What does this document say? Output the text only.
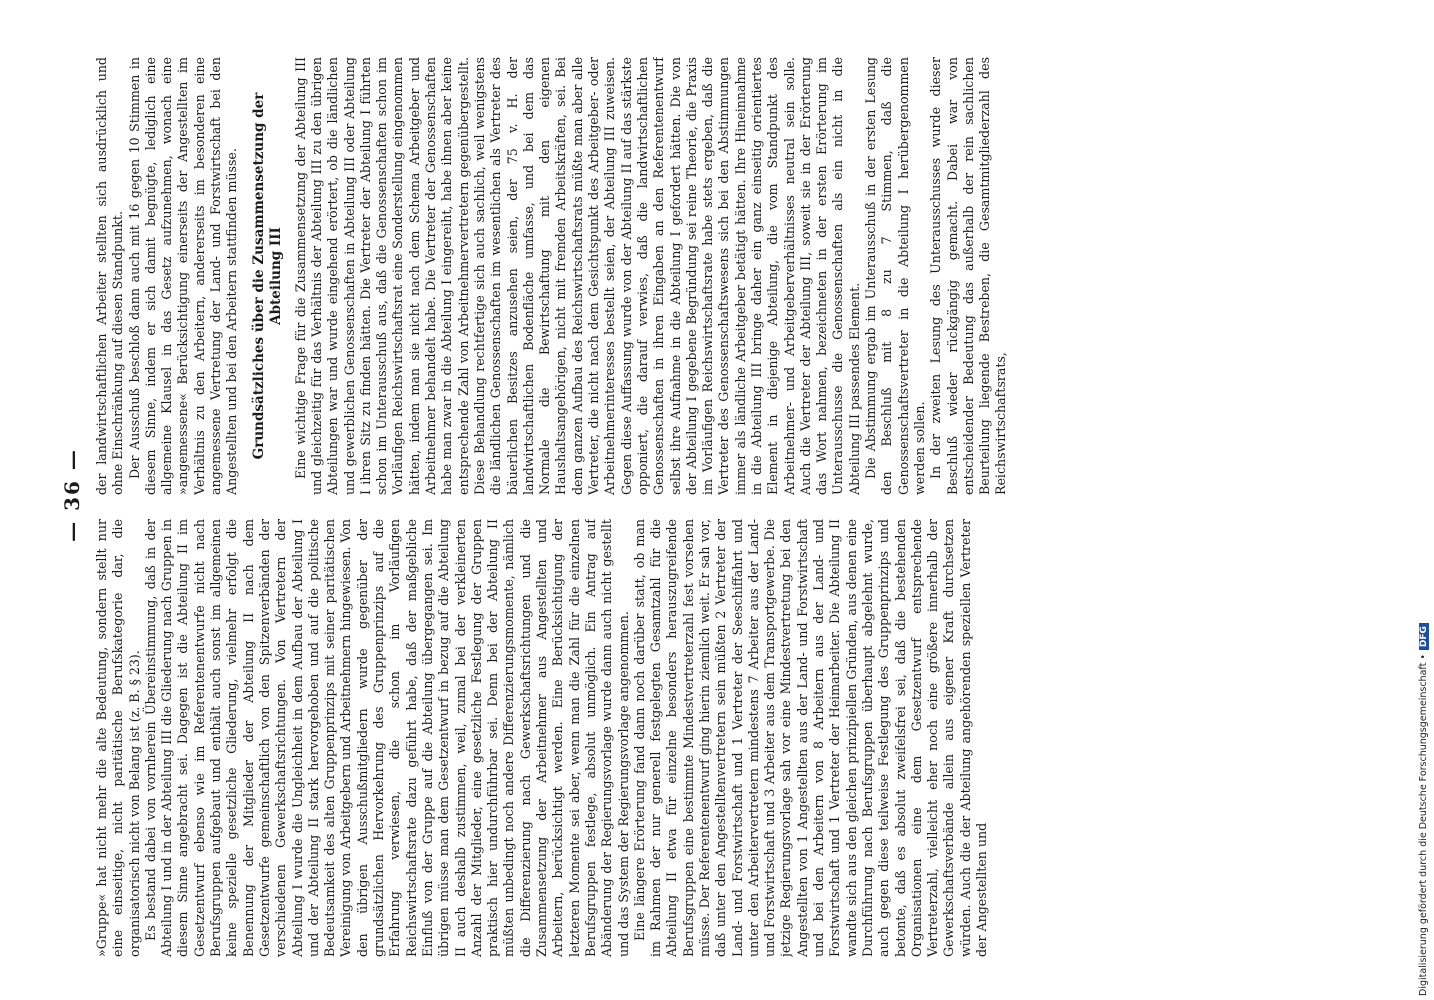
— 36 —

»Gruppe« hat nicht mehr die alte Bedeutung, sondern stellt nur eine einseitige, nicht paritätische Berufskategorie dar, die organisatorisch nicht von Belang ist (z. B. § 23). Es bestand dabei von vornherein Übereinstimmung, daß in der Abteilung I und in der Abteilung III die Gliederung nach Gruppen in diesem Sinne angebracht sei. Dagegen ist die Abteilung II im Gesetzentwurf ebenso wie im Referentenentwurfe nicht nach Berufsgruppen aufgebaut und enthält auch sonst im allgemeinen keine spezielle gesetzliche Gliederung, vielmehr erfolgt die Benennung der Mitglieder der Abteilung II nach dem Gesetzentwurfe gemeinschaftlich von den Spitzenverbänden der verschiedenen Gewerkschaftsrichtungen. Von Vertretern der Abteilung I wurde die Ungleichheit in dem Aufbau der Abteilung I und der Abteilung II stark hervorgehoben und auf die politische Bedeutsamkeit des alten Gruppenprinzips mit seiner paritätischen Vereinigung von Arbeitgebern und Arbeitnehmern hingewiesen. Von den übrigen Ausschußmitgliedern wurde gegenüber der grundsätzlichen Hervorkehrung des Gruppenprinzips auf die Erfahrung verwiesen, die schon im Vorläufigen Reichswirtschaftsrate dazu geführt habe, daß der maßgebliche Einfluß von der Gruppe auf die Abteilung übergegangen sei. Im übrigen müsse man dem Gesetzentwurf in bezug auf die Abteilung II auch deshalb zustimmen, weil, zumal bei der verkleinerten Anzahl der Mitglieder, eine gesetzliche Festlegung der Gruppen praktisch hier undurchführbar sei. Denn bei der Abteilung II müßten unbedingt noch andere Differenzierungsmomente, nämlich die Differenzierung nach Gewerkschaftsrichtungen und die Zusammensetzung der Arbeitnehmer aus Angestellten und Arbeitern, berücksichtigt werden. Eine Berücksichtigung der letzteren Momente sei aber, wenn man die Zahl für die einzelnen Berufsgruppen festlege, absolut unmöglich. Ein Antrag auf Abänderung der Regierungsvorlage wurde dann auch nicht gestellt und das System der Regierungsvorlage angenommen. Eine längere Erörterung fand dann noch darüber statt, ob man im Rahmen der nur generell festgelegten Gesamtzahl für die Abteilung II etwa für einzelne besonders herauszugreifende Berufsgruppen eine bestimmte Mindestvertreterzahl fest vorsehen müsse. Der Referentenentwurf ging hierin ziemlich weit. Er sah vor, daß unter den Angestelltenvertretern sein müßten 2 Vertreter der Land- und Forstwirtschaft und 1 Vertreter der Seeschiffahrt und unter den Arbeitervertretern mindestens 7 Arbeiter aus der Land- und Forstwirtschaft und 3 Arbeiter aus dem Transportgewerbe. Die jetzige Regierungsvorlage sah vor eine Mindestvertretung bei den Angestellten von 1 Angestellten aus der Land- und Forstwirtschaft und bei den Arbeitern von 8 Arbeitern aus der Land- und Forstwirtschaft und 1 Vertreter der Heimarbeiter. Die Abteilung II wandte sich aus den gleichen prinzipiellen Gründen, aus denen eine Durchführung nach Berufsgruppen überhaupt abgelehnt wurde, auch gegen diese teilweise Festlegung des Gruppenprinzips und betonte, daß es absolut zweifelsfrei sei, daß die bestehenden Organisationen eine dem Gesetzentwurf entsprechende Vertreterzahl, vielleicht eher noch eine größere innerhalb der Gewerkschaftsverbände allein aus eigener Kraft durchsetzen würden. Auch die der Abteilung angehörenden speziellen Vertreter der Angestellten und

der landwirtschaftlichen Arbeiter stellten sich ausdrücklich und ohne Einschränkung auf diesen Standpunkt. Der Ausschuß beschloß dann auch mit 16 gegen 10 Stimmen in diesem Sinne, indem er sich damit begnügte, lediglich eine allgemeine Klausel in das Gesetz aufzunehmen, wonach eine »angemessene« Berücksichtigung einerseits der Angestellten im Verhältnis zu den Arbeitern, andererseits im besonderen eine angemessene Vertretung der Land- und Forstwirtschaft bei den Angestellten und bei den Arbeitern stattfinden müsse. Grundsätzliches über die Zusammensetzung der Abteilung III Eine wichtige Frage für die Zusammensetzung der Abteilung III und gleichzeitig für das Verhältnis der Abteilung III zu den übrigen Abteilungen war und wurde eingehend erörtert, ob die ländlichen und gewerblichen Genossenschaften in Abteilung III oder Abteilung I ihren Sitz zu finden hätten. Die Vertreter der Abteilung I führten schon im Unterausschuß aus, daß die Genossenschaften schon im Vorläufigen Reichswirtschaftsrat eine Sonderstellung eingenommen hätten, indem man sie nicht nach dem Schema Arbeitgeber und Arbeitnehmer behandelt habe. Die Vertreter der Genossenschaften habe man zwar in die Abteilung I eingereiht, habe ihnen aber keine entsprechende Zahl von Arbeitnehmervertretern gegenübergestellt. Diese Behandlung rechtfertige sich auch sachlich, weil wenigstens die ländlichen Genossenschaften im wesentlichen als Vertreter des bäuerlichen Besitzes anzusehen seien, der 75 v. H. der landwirtschaftlichen Bodenfläche umfasse, und bei dem das Normale die Bewirtschaftung mit den eigenen Haushaltsangehörigen, nicht mit fremden Arbeitskräften, sei. Bei dem ganzen Aufbau des Reichswirtschaftsrats müßte man aber alle Vertreter, die nicht nach dem Gesichtspunkt des Arbeitgeber- oder Arbeitnehmerinteresses bestellt seien, der Abteilung III zuweisen. Gegen diese Auffassung wurde von der Abteilung II auf das stärkste opponiert, die darauf verwies, daß die landwirtschaftlichen Genossenschaften in ihren Eingaben an den Referentenentwurf selbst ihre Aufnahme in die Abteilung I gefordert hätten. Die von der Abteilung I gegebene Begründung sei reine Theorie, die Praxis im Vorläufigen Reichswirtschaftsrate habe stets ergeben, daß die Vertreter des Genossenschaftswesens sich bei den Abstimmungen immer als ländliche Arbeitgeber betätigt hätten. Ihre Hineinnahme in die Abteilung III bringe daher ein ganz einseitig orientiertes Element in diejenige Abteilung, die vom Standpunkt des Arbeitnehmer- und Arbeitgeberverhältnisses neutral sein solle. Auch die Vertreter der Abteilung III, soweit sie in der Erörterung das Wort nahmen, bezeichneten in der ersten Erörterung im Unterausschusse die Genossenschaften als ein nicht in die Abteilung III passendes Element. Die Abstimmung ergab im Unterausschuß in der ersten Lesung den Beschluß mit 8 zu 7 Stimmen, daß die Genossenschaftsvertreter in die Abteilung I herübergenommen werden sollen. In der zweiten Lesung des Unterausschusses wurde dieser Beschluß wieder rückgängig gemacht. Dabei war von entscheidender Bedeutung das außerhalb der rein sachlichen Beurteilung liegende Bestreben, die Gesamtmitgliederzahl des Reichswirtschaftsrats,

Digitalisierung gefördert durch die Deutsche Forschungsgemeinschaft •DFG
